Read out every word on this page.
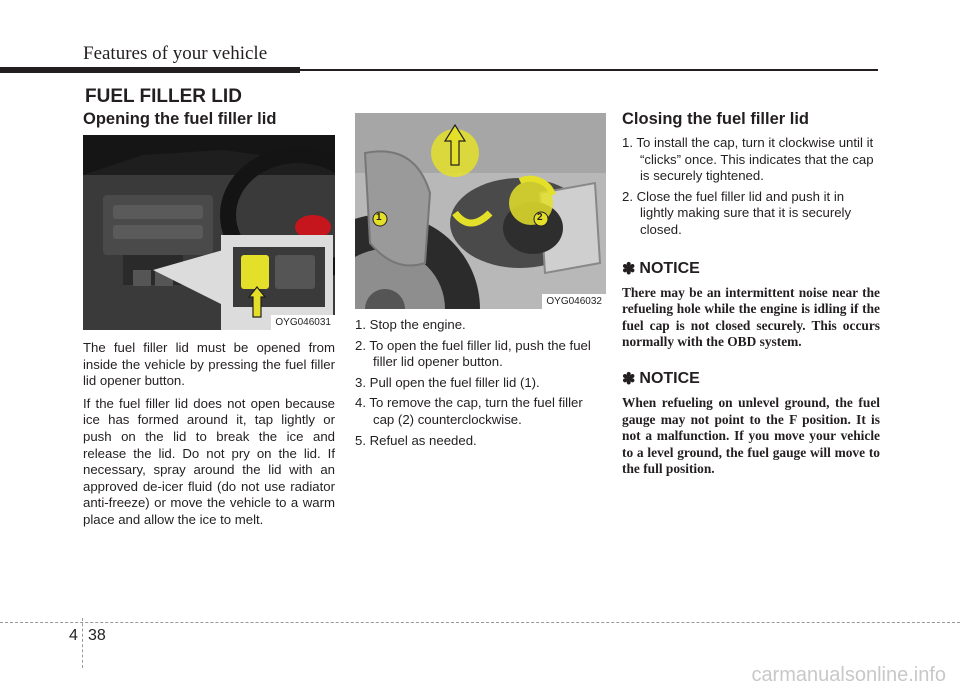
Features of your vehicle
FUEL FILLER LID
Opening the fuel filler lid
OYG046031

The fuel filler lid must be opened from inside the vehicle by pressing the fuel filler lid opener button.

If the fuel filler lid does not open because ice has formed around it, tap lightly or push on the lid to break the ice and release the lid. Do not pry on the lid. If necessary, spray around the lid with an approved de-icer fluid (do not use radiator anti-freeze) or move the vehicle to a warm place and allow the ice to melt.

1	2
OYG046032
1. Stop the engine.
2. To open the fuel filler lid, push the fuel filler lid opener button.
3. Pull open the fuel filler lid (1).
4. To remove the cap, turn the fuel filler cap (2) counterclockwise.
5. Refuel as needed.
Closing the fuel filler lid
1. To install the cap, turn it clockwise until it “clicks” once. This indicates that the cap is securely tightened.
2. Close the fuel filler lid and push it in lightly making sure that it is securely closed.
✽ NOTICE

There may be an intermittent noise near the refueling hole while the engine is idling if the fuel cap is not closed securely. This occurs normally with the OBD system.

✽ NOTICE

When refueling on unlevel ground, the fuel gauge may not point to the F position. It is not a malfunction. If you move your vehicle to a level ground, the fuel gauge will move to the full position.

4 38
carmanualsonline.info
